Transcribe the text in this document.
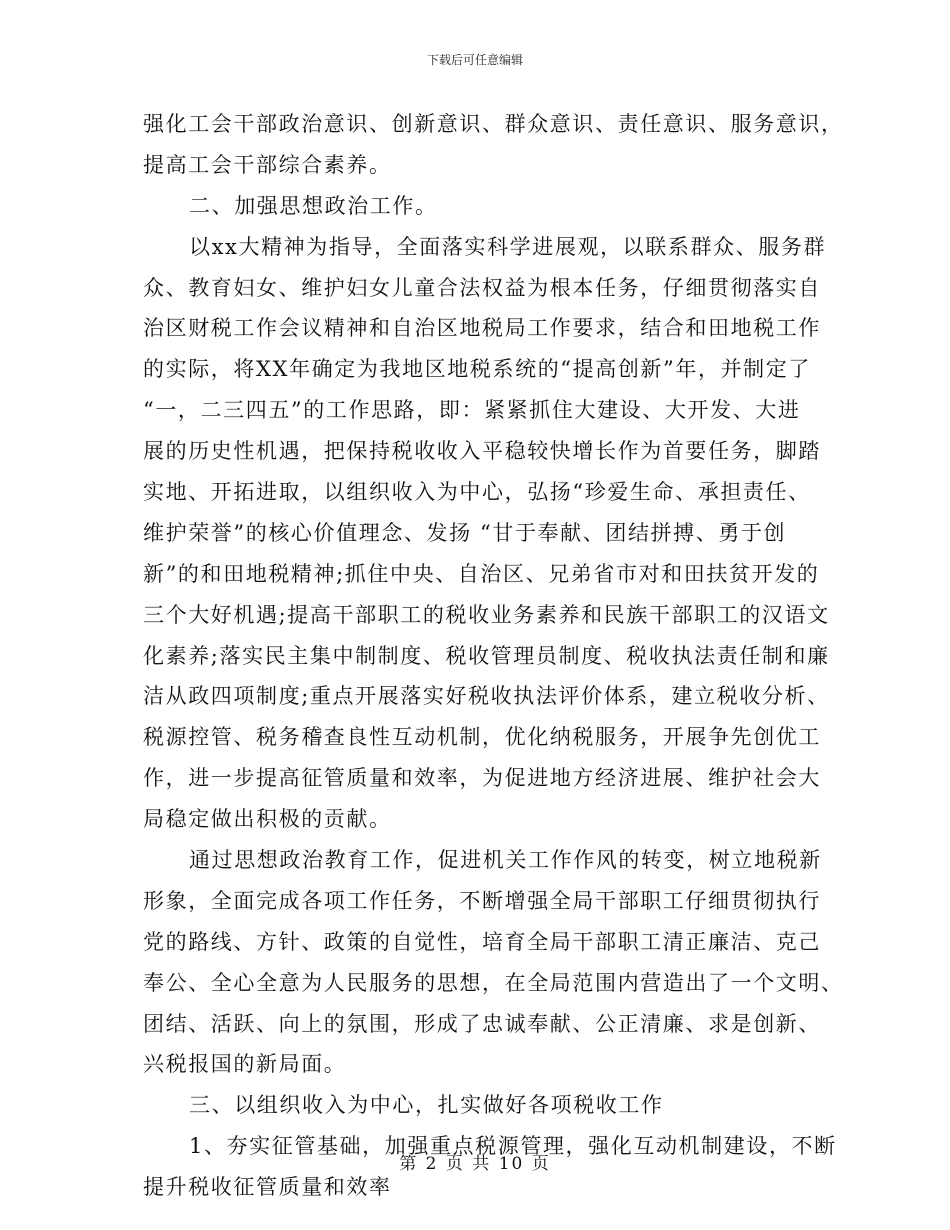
下载后可任意编辑
强化工会干部政治意识、创新意识、群众意识、责任意识、服务意识，
提高工会干部综合素养。
二、加强思想政治工作。
以xx大精神为指导，全面落实科学进展观，以联系群众、服务群
众、教育妇女、维护妇女儿童合法权益为根本任务，仔细贯彻落实自
治区财税工作会议精神和自治区地税局工作要求，结合和田地税工作
的实际，将XX年确定为我地区地税系统的“提高创新”年，并制定了
“一，二三四五”的工作思路，即：紧紧抓住大建设、大开发、大进
展的历史性机遇，把保持税收收入平稳较快增长作为首要任务，脚踏
实地、开拓进取，以组织收入为中心，弘扬“珍爱生命、承担责任、
维护荣誉”的核心价值理念、发扬 “甘于奉献、团结拼搏、勇于创
新”的和田地税精神;抓住中央、自治区、兄弟省市对和田扶贫开发的
三个大好机遇;提高干部职工的税收业务素养和民族干部职工的汉语文
化素养;落实民主集中制制度、税收管理员制度、税收执法责任制和廉
洁从政四项制度;重点开展落实好税收执法评价体系，建立税收分析、
税源控管、税务稽查良性互动机制，优化纳税服务，开展争先创优工
作，进一步提高征管质量和效率，为促进地方经济进展、维护社会大
局稳定做出积极的贡献。
通过思想政治教育工作，促进机关工作作风的转变，树立地税新
形象，全面完成各项工作任务，不断增强全局干部职工仔细贯彻执行
党的路线、方针、政策的自觉性，培育全局干部职工清正廉洁、克己
奉公、全心全意为人民服务的思想，在全局范围内营造出了一个文明、
团结、活跃、向上的氛围，形成了忠诚奉献、公正清廉、求是创新、
兴税报国的新局面。
三、以组织收入为中心，扎实做好各项税收工作
1、夯实征管基础，加强重点税源管理，强化互动机制建设，不断
提升税收征管质量和效率
第 2 页 共 10 页
